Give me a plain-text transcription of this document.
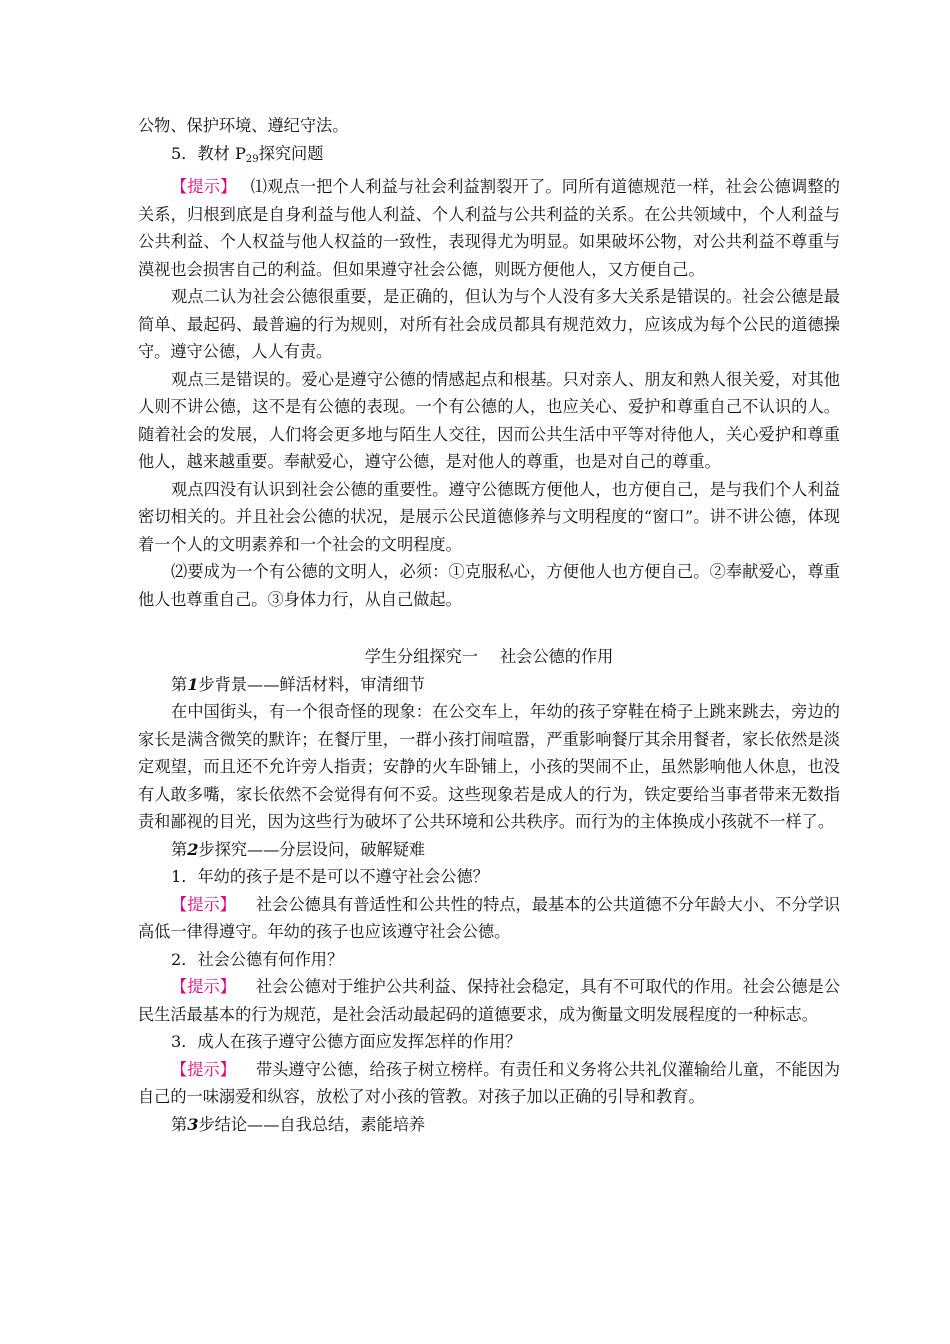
公物、保护环境、遵纪守法。

5．教材 $P_{29}$探究问题

【提示】 ⑴观点一把个人利益与社会利益割裂开了。同所有道德规范一样，社会公德调整的关系，归根到底是自身利益与他人利益、个人利益与公共利益的关系。在公共领域中，个人利益与公共利益、个人权益与他人权益的一致性，表现得尤为明显。如果破坏公物，对公共利益不尊重与漠视也会损害自己的利益。但如果遵守社会公德，则既方便他人，又方便自己。

观点二认为社会公德很重要，是正确的，但认为与个人没有多大关系是错误的。社会公德是最简单、最起码、最普遍的行为规则，对所有社会成员都具有规范效力，应该成为每个公民的道德操守。遵守公德，人人有责。

观点三是错误的。爱心是遵守公德的情感起点和根基。只对亲人、朋友和熟人很关爱，对其他人则不讲公德，这不是有公德的表现。一个有公德的人，也应关心、爱护和尊重自己不认识的人。随着社会的发展，人们将会更多地与陌生人交往，因而公共生活中平等对待他人，关心爱护和尊重他人，越来越重要。奉献爱心，遵守公德，是对他人的尊重，也是对自己的尊重。

观点四没有认识到社会公德的重要性。遵守公德既方便他人，也方便自己，是与我们个人利益密切相关的。并且社会公德的状况，是展示公民道德修养与文明程度的“窗口”。讲不讲公德，体现着一个人的文明素养和一个社会的文明程度。

⑵要成为一个有公德的文明人，必须：①克服私心，方便他人也方便自己。②奉献爱心，尊重他人也尊重自己。③身体力行，从自己做起。

学生分组探究一 社会公德的作用

第1步背景——鲜活材料，审清细节

在中国街头，有一个很奇怪的现象：在公交车上，年幼的孩子穿鞋在椅子上跳来跳去，旁边的家长是满含微笑的默许；在餐厅里，一群小孩打闹喧嚣，严重影响餐厅其余用餐者，家长依然是淡定观望，而且还不允许旁人指责；安静的火车卧铺上，小孩的哭闹不止，虽然影响他人休息，也没有人敢多嘴，家长依然不会觉得有何不妥。这些现象若是成人的行为，铁定要给当事者带来无数指责和鄙视的目光，因为这些行为破坏了公共环境和公共秩序。而行为的主体换成小孩就不一样了。

第2步探究——分层设问，破解疑难

1．年幼的孩子是不是可以不遵守社会公德？

【提示】 社会公德具有普适性和公共性的特点，最基本的公共道德不分年龄大小、不分学识高低一律得遵守。年幼的孩子也应该遵守社会公德。

2．社会公德有何作用？

【提示】 社会公德对于维护公共利益、保持社会稳定，具有不可取代的作用。社会公德是公民生活最基本的行为规范，是社会活动最起码的道德要求，成为衡量文明发展程度的一种标志。

3．成人在孩子遵守公德方面应发挥怎样的作用？

【提示】 带头遵守公德，给孩子树立榜样。有责任和义务将公共礼仪灌输给儿童，不能因为自己的一味溺爱和纵容，放松了对小孩的管教。对孩子加以正确的引导和教育。

第3步结论——自我总结，素能培养
